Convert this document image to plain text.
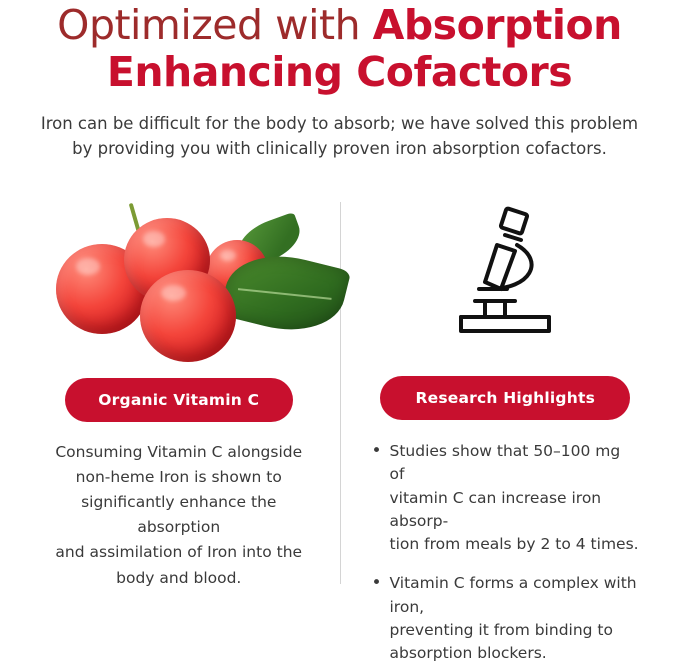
Optimized with Absorption
Enhancing Cofactors
Iron can be difficult for the body to absorb; we have solved this problem
by providing you with clinically proven iron absorption cofactors.
Organic Vitamin C
Consuming Vitamin C alongside
non-heme Iron is shown to
significantly enhance the absorption
and assimilation of Iron into the
body and blood.
Research Highlights
• Studies show that 50–100 mg of
vitamin C can increase iron absorp-
tion from meals by 2 to 4 times.
• Vitamin C forms a complex with iron,
preventing it from binding to
absorption blockers.
